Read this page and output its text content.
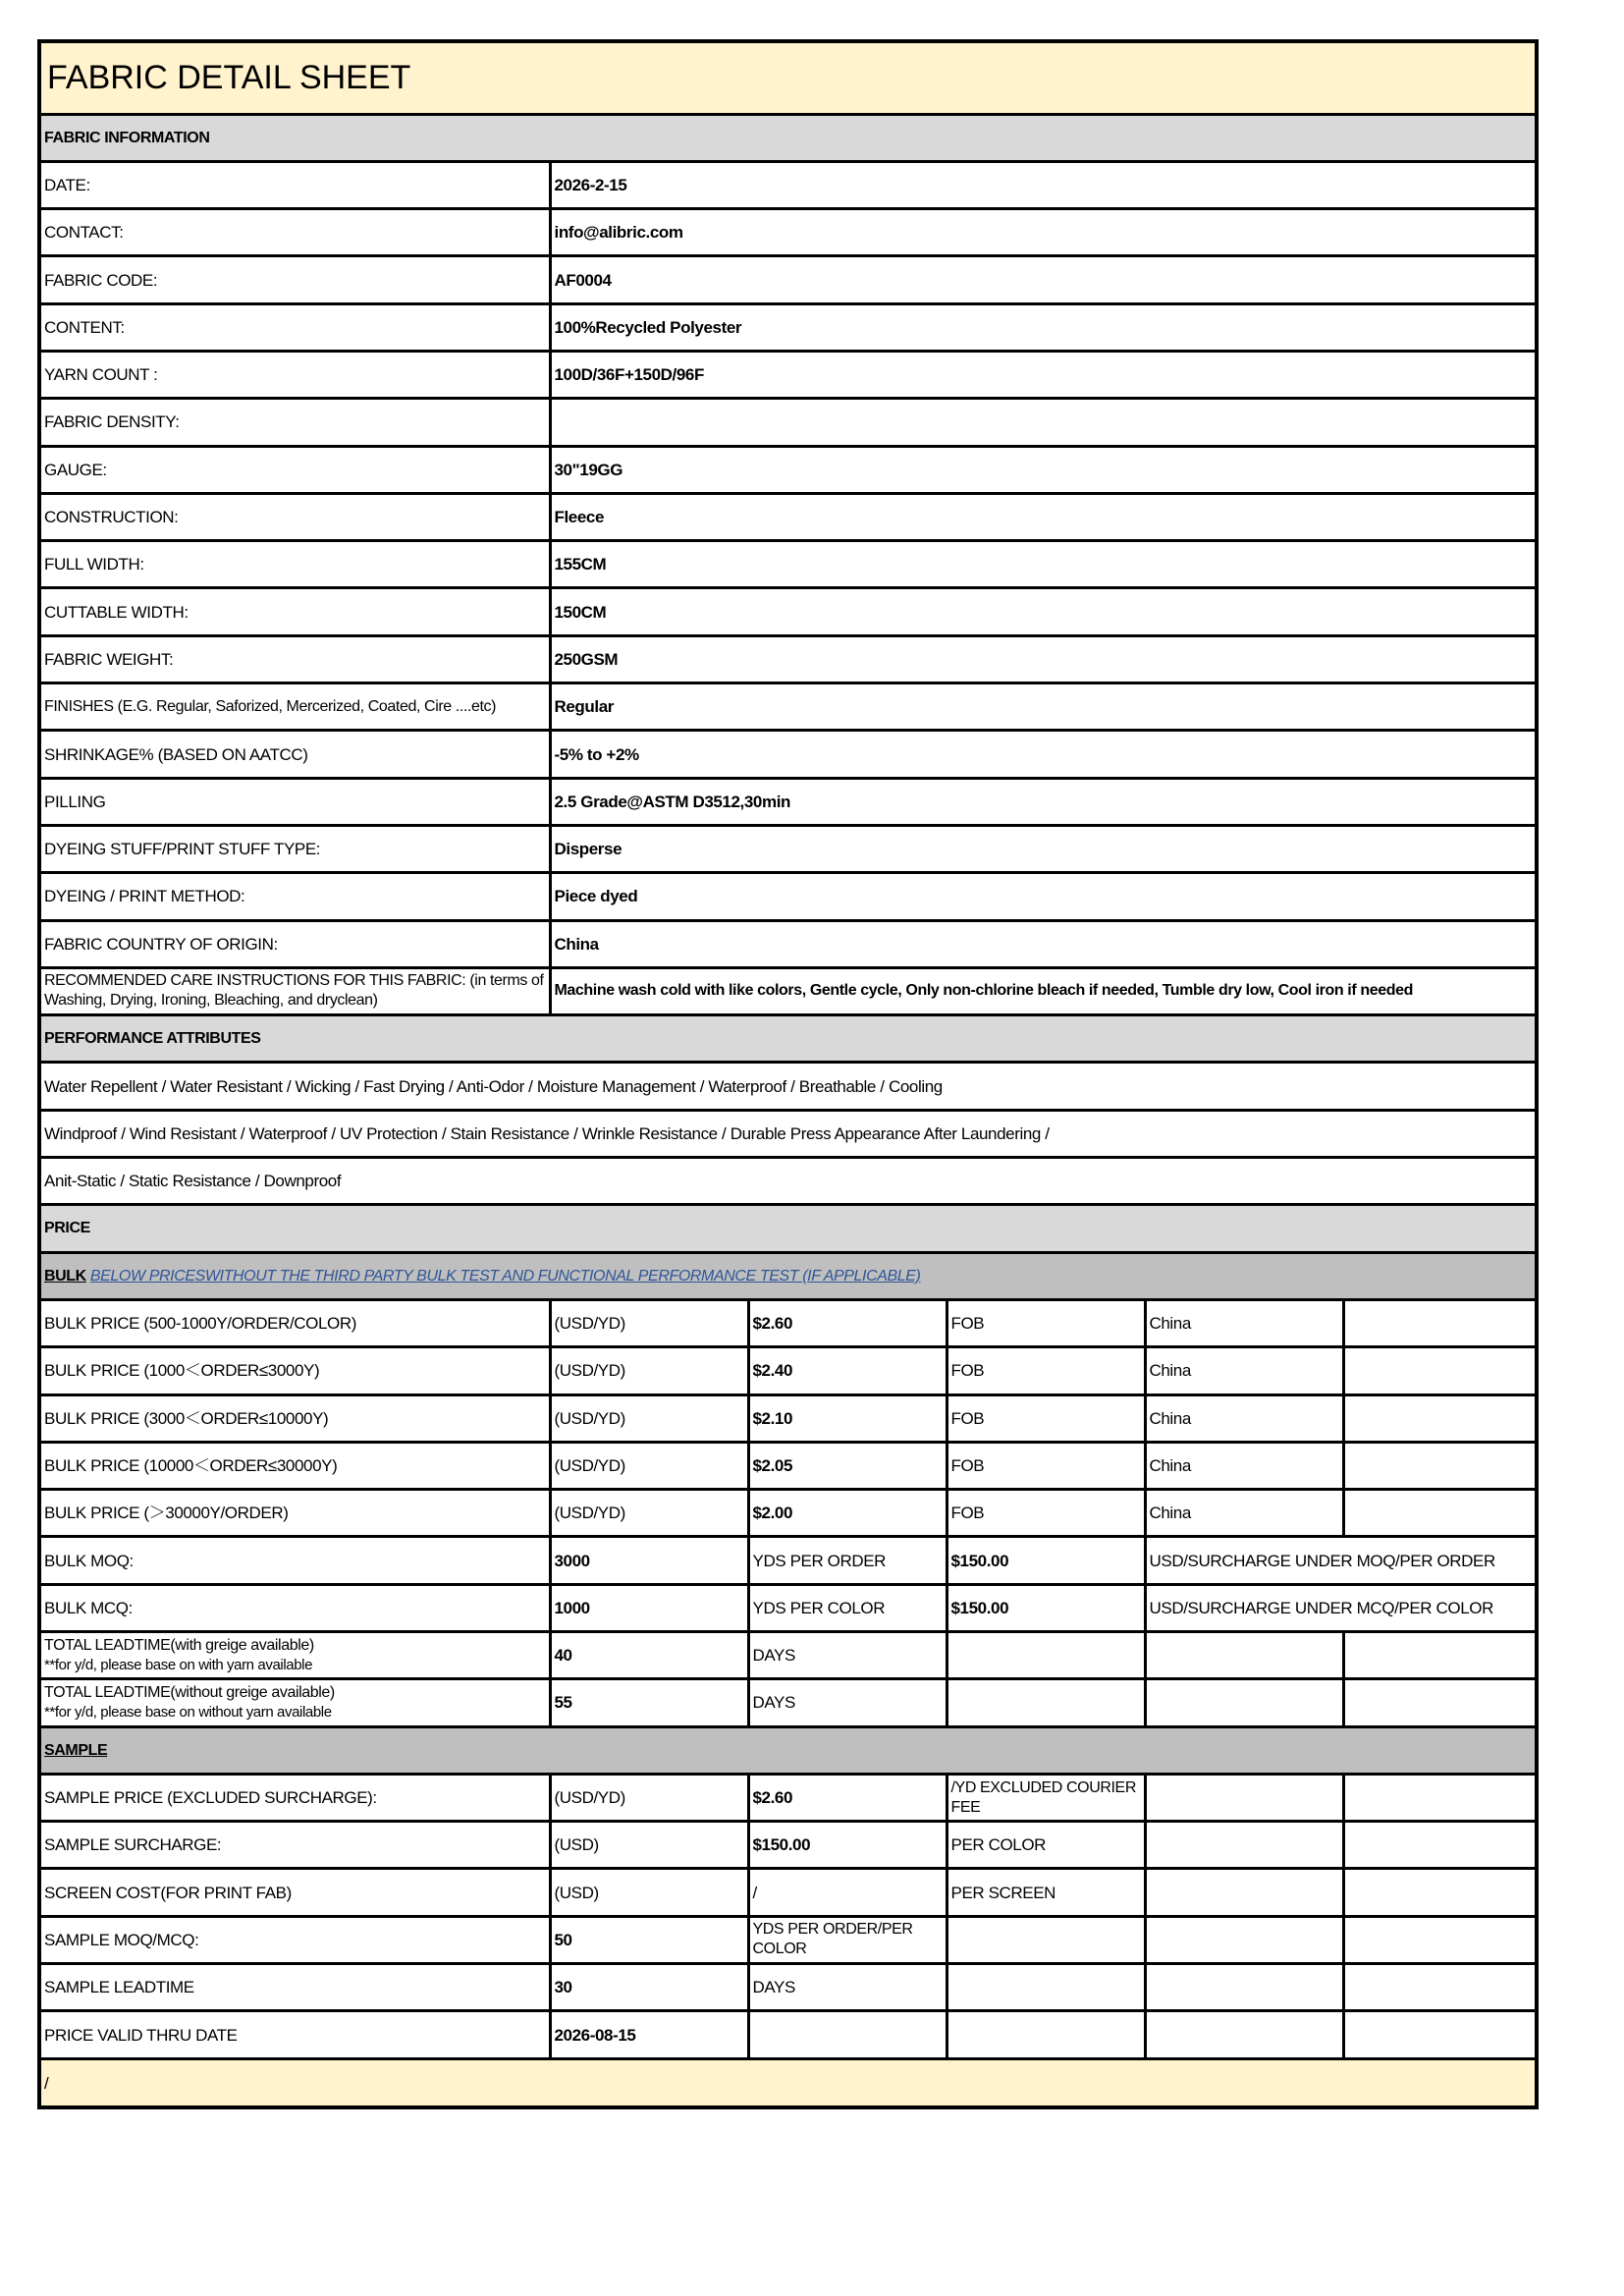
FABRIC DETAIL SHEET					
FABRIC INFORMATION					
DATE:	2026-2-15				
CONTACT:	info@alibric.com				
FABRIC CODE:	AF0004				
CONTENT:	100%Recycled Polyester				
YARN COUNT :	100D/36F+150D/96F				
FABRIC DENSITY:					
GAUGE:	30"19GG				
CONSTRUCTION:	Fleece				
FULL WIDTH:	155CM				
CUTTABLE WIDTH:	150CM				
FABRIC WEIGHT:	250GSM				
FINISHES (E.G. Regular, Saforized, Mercerized, Coated, Cire ....etc)	Regular				
SHRINKAGE% (BASED ON AATCC)	-5% to +2%				
PILLING	2.5 Grade@ASTM D3512,30min				
DYEING STUFF/PRINT STUFF TYPE:	Disperse				
DYEING / PRINT METHOD:	Piece dyed				
FABRIC COUNTRY OF ORIGIN:	China				
RECOMMENDED CARE INSTRUCTIONS FOR THIS FABRIC: (in terms of Washing, Drying, Ironing, Bleaching, and dryclean)	Machine wash cold with like colors, Gentle cycle, Only non-chlorine bleach if needed, Tumble dry low, Cool iron if needed				
PERFORMANCE ATTRIBUTES					
Water Repellent / Water Resistant / Wicking / Fast Drying / Anti-Odor / Moisture Management / Waterproof / Breathable / Cooling					
Windproof / Wind Resistant / Waterproof / UV Protection / Stain Resistance / Wrinkle Resistance / Durable Press Appearance After Laundering /					
Anit-Static / Static Resistance / Downproof					
PRICE					
BULK BELOW PRICESWITHOUT THE THIRD PARTY BULK TEST AND FUNCTIONAL PERFORMANCE TEST (IF APPLICABLE)					
BULK PRICE (500-1000Y/ORDER/COLOR)	(USD/YD)	$2.60	FOB	China	
BULK PRICE (1000＜ORDER≤3000Y)	(USD/YD)	$2.40	FOB	China	
BULK PRICE (3000＜ORDER≤10000Y)	(USD/YD)	$2.10	FOB	China	
BULK PRICE (10000＜ORDER≤30000Y)	(USD/YD)	$2.05	FOB	China	
BULK PRICE (＞30000Y/ORDER)	(USD/YD)	$2.00	FOB	China	
BULK MOQ:	3000	YDS PER ORDER	$150.00	USD/SURCHARGE UNDER MOQ/PER ORDER	
BULK MCQ:	1000	YDS PER COLOR	$150.00	USD/SURCHARGE UNDER MCQ/PER COLOR	

TOTAL LEADTIME(with greige available)
**for y/d, please base on with yarn available	40	DAYS			

TOTAL LEADTIME(without greige available)
**for y/d, please base on without yarn available	55	DAYS			
SAMPLE					
SAMPLE PRICE (EXCLUDED SURCHARGE):	(USD/YD)	$2.60	/YD EXCLUDED COURIER FEE		
SAMPLE SURCHARGE:	(USD)	$150.00	PER COLOR		
SCREEN COST(FOR PRINT FAB)	(USD)	/	PER SCREEN		
SAMPLE MOQ/MCQ:	50	YDS PER ORDER/PER COLOR			
SAMPLE LEADTIME	30	DAYS			
PRICE VALID THRU DATE	2026-08-15				
/					
